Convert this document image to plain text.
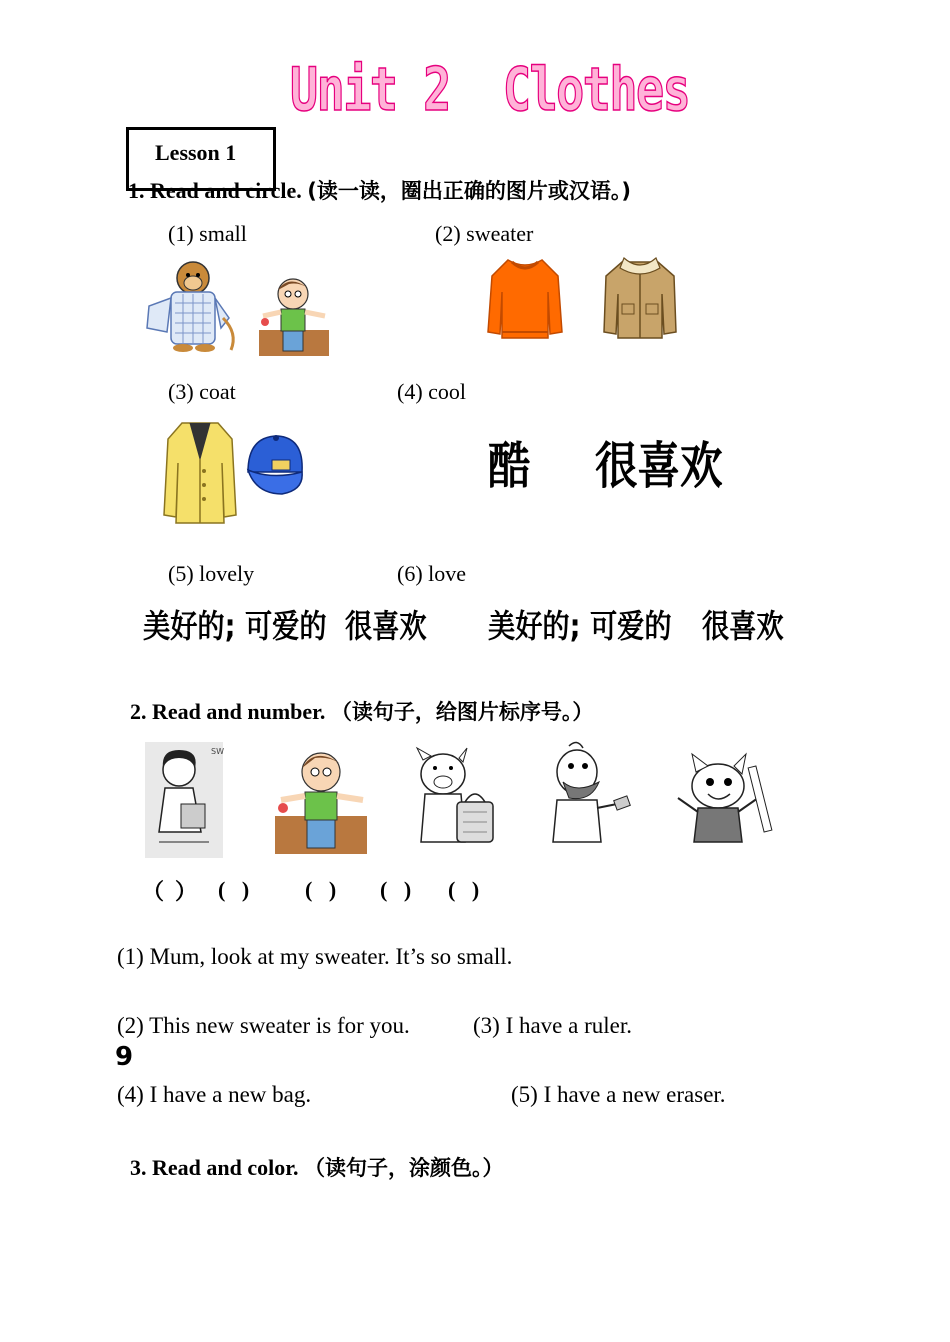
Unit 2  Clothes
Lesson 1
1. Read and circle. (读一读，圈出正确的图片或汉语。)
(1) small	(2) sweater
(3) coat	(4) cool
(5) lovely	(6) love
酷 很喜欢
美好的; 可爱的 很喜欢 美好的; 可爱的 很喜欢
2. Read and number. （读句子，给图片标序号。）
SW
（  ） (   )	(   ) (   ) (   )
(1) Mum, look at my sweater. It’s so small.
(2) This new sweater is for you.	(3) I have a ruler.
9
(4) I have a new bag.	(5) I have a new eraser.
3. Read and color. （读句子，涂颜色。）
